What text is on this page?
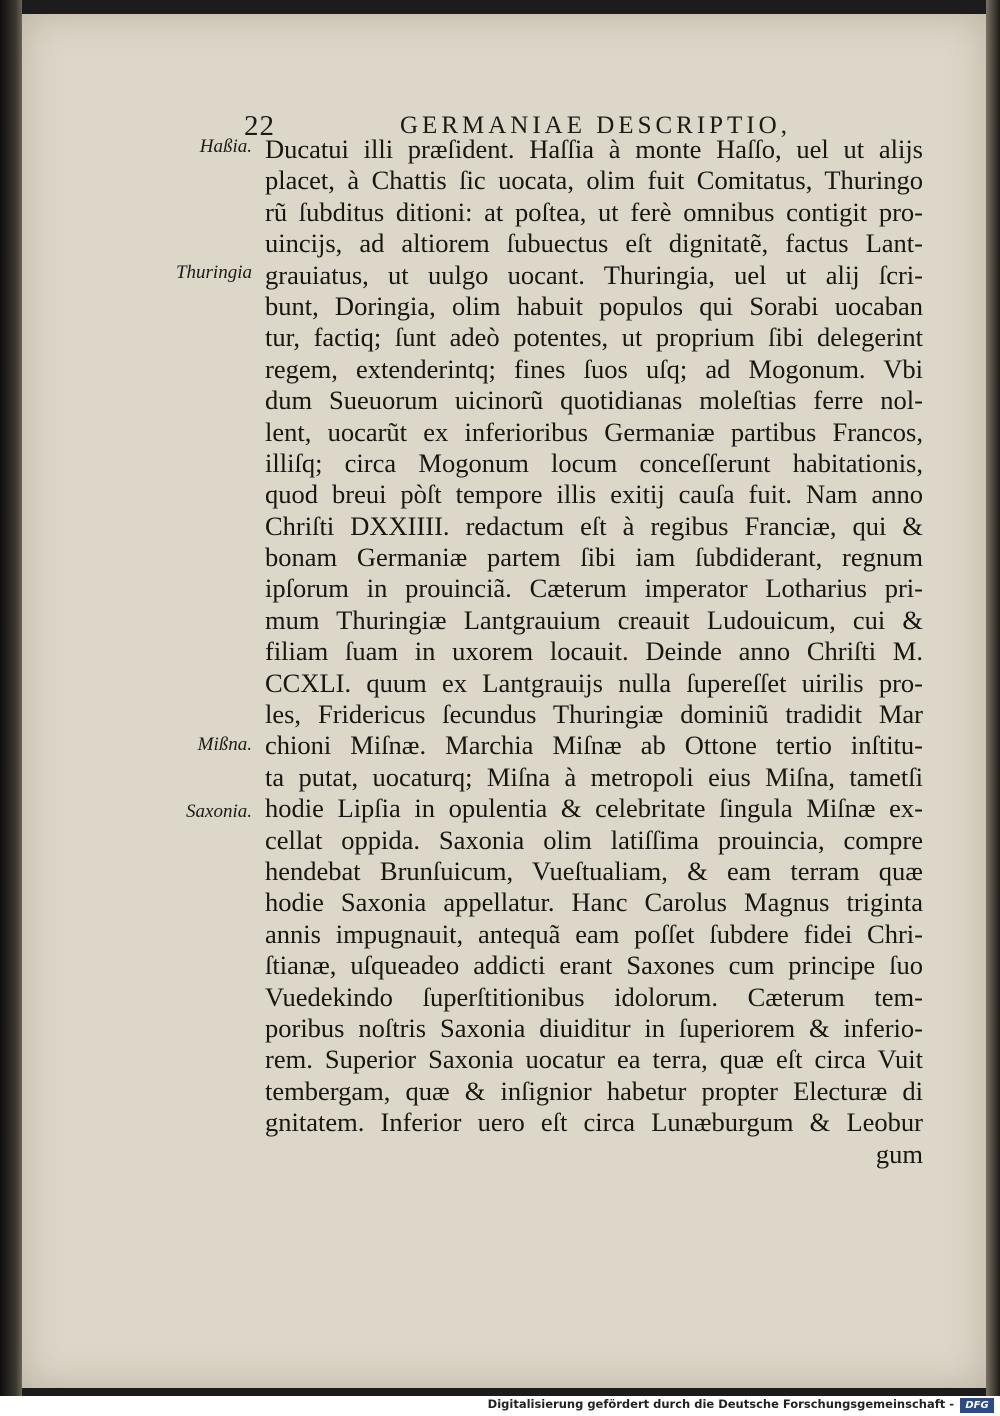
22	GERMANIAE DESCRIPTIO,
Haßia.
Thuringia
Mißna.
Saxonia.
Ducatui illi præſident. Haſſia à monte Haſſo, uel ut alijs
placet, à Chattis ſic uocata, olim fuit Comitatus, Thuringo
rũ ſubditus ditioni: at poſtea, ut ferè omnibus contigit pro-
uincijs, ad altiorem ſubuectus eſt dignitatẽ, factus Lant-
grauiatus, ut uulgo uocant. Thuringia, uel ut alij ſcri-
bunt, Doringia, olim habuit populos qui Sorabi uocaban
tur, factiq; ſunt adeò potentes, ut proprium ſibi delegerint
regem, extenderintq; fines ſuos uſq; ad Mogonum. Vbi
dum Sueuorum uicinorũ quotidianas moleſtias ferre nol-
lent, uocarũt ex inferioribus Germaniæ partibus Francos,
illiſq; circa Mogonum locum conceſſerunt habitationis,
quod breui pòſt tempore illis exitij cauſa fuit. Nam anno
Chriſti DXXIIII. redactum eſt à regibus Franciæ, qui &
bonam Germaniæ partem ſibi iam ſubdiderant, regnum
ipſorum in prouinciã. Cæterum imperator Lotharius pri-
mum Thuringiæ Lantgrauium creauit Ludouicum, cui &
filiam ſuam in uxorem locauit. Deinde anno Chriſti M.
CCXLI. quum ex Lantgrauijs nulla ſupereſſet uirilis pro-
les, Fridericus ſecundus Thuringiæ dominiũ tradidit Mar
chioni Miſnæ. Marchia Miſnæ ab Ottone tertio inſtitu-
ta putat, uocaturq; Miſna à metropoli eius Miſna, tametſi
hodie Lipſia in opulentia & celebritate ſingula Miſnæ ex-
cellat oppida. Saxonia olim latiſſima prouincia, compre
hendebat Brunſuicum, Vueſtualiam, & eam terram quæ
hodie Saxonia appellatur. Hanc Carolus Magnus triginta
annis impugnauit, antequã eam poſſet ſubdere fidei Chri-
ſtianæ, uſqueadeo addicti erant Saxones cum principe ſuo
Vuedekindo ſuperſtitionibus idolorum. Cæterum tem-
poribus noſtris Saxonia diuiditur in ſuperiorem & inferio-
rem. Superior Saxonia uocatur ea terra, quæ eſt circa Vuit
tembergam, quæ & inſignior habetur propter Electuræ di
gnitatem. Inferior uero eſt circa Lunæburgum & Leobur
gum
Digitalisierung gefördert durch die Deutsche Forschungsgemeinschaft -	DFG
